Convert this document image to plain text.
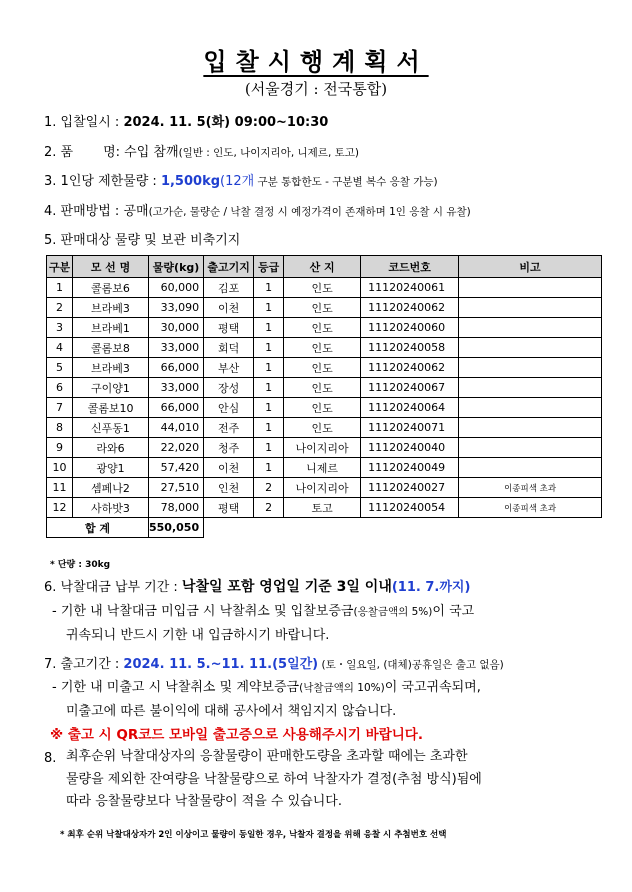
입찰시행계획서
(서울경기 : 전국통합)
1. 입찰일시 : 2024. 11. 5(화) 09:00~10:30
2. 품 명: 수입 참깨(일반 : 인도, 나이지리아, 니제르, 토고)
3. 1인당 제한물량 : 1,500kg(12개 구분 통합한도 - 구분별 복수 응찰 가능)
4. 판매방법 : 공매(고가순, 물량순 / 낙찰 결정 시 예정가격이 존재하며 1인 응찰 시 유찰)
5. 판매대상 물량 및 보관 비축기지
구분	모 선 명	물량(kg)	출고기지	등급	산 지	코드번호	비고
1	콜롬보6	60,000	김포	1	인도	11120240061	
2	브라베3	33,090	이천	1	인도	11120240062	
3	브라베1	30,000	평택	1	인도	11120240060	
4	콜롬보8	33,000	회덕	1	인도	11120240058	
5	브라베3	66,000	부산	1	인도	11120240062	
6	구이양1	33,000	장성	1	인도	11120240067	
7	콜롬보10	66,000	안심	1	인도	11120240064	
8	신푸동1	44,010	전주	1	인도	11120240071	
9	라와6	22,020	청주	1	나이지리아	11120240040	
10	광양1	57,420	이천	1	니제르	11120240049	
11	셈페나2	27,510	인천	2	나이지리아	11120240027	이종피색 초과
12	사하밧3	78,000	평택	2	토고	11120240054	이종피색 초과
합 계		550,050					
* 단량 : 30kg
6. 낙찰대금 납부 기간 : 낙찰일 포함 영업일 기준 3일 이내(11. 7.까지)
- 기한 내 낙찰대금 미입금 시 낙찰취소 및 입찰보증금(응찰금액의 5%)이 국고
귀속되니 반드시 기한 내 입금하시기 바랍니다.
7. 출고기간 : 2024. 11. 5.~11. 11.(5일간) (토・일요일, (대체)공휴일은 출고 없음)
- 기한 내 미출고 시 낙찰취소 및 계약보증금(낙찰금액의 10%)이 국고귀속되며,
미출고에 따른 불이익에 대해 공사에서 책임지지 않습니다.
※ 출고 시 QR코드 모바일 출고증으로 사용해주시기 바랍니다.
8. 최후순위 낙찰대상자의 응찰물량이 판매한도량을 초과할 때에는 초과한
물량을 제외한 잔여량을 낙찰물량으로 하여 낙찰자가 결정(추첨 방식)됨에
따라 응찰물량보다 낙찰물량이 적을 수 있습니다.
* 최후 순위 낙찰대상자가 2인 이상이고 물량이 동일한 경우, 낙찰자 결정을 위해 응찰 시 추첨번호 선택
